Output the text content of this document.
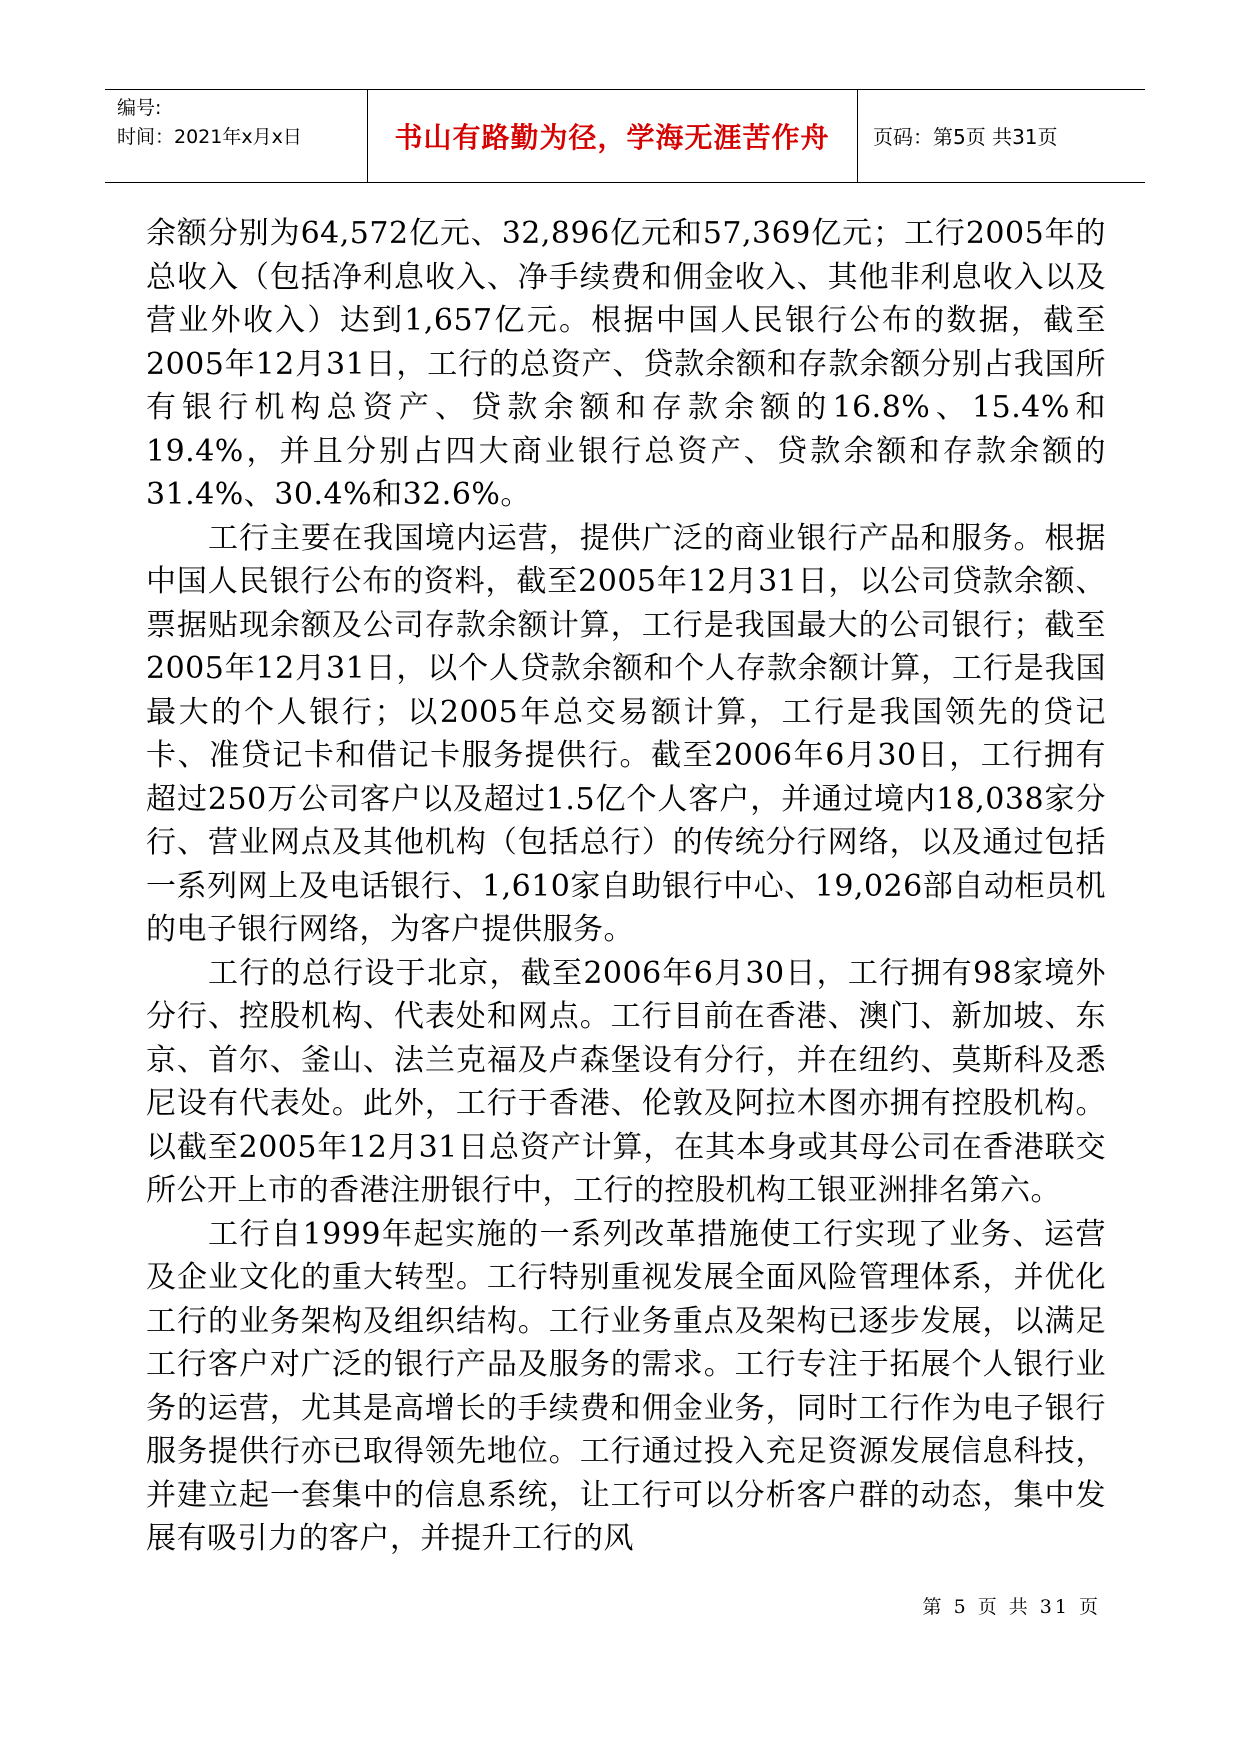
编号:
时间：2021年x月x日	书山有路勤为径，学海无涯苦作舟	页码：第5页 共31页

余额分别为64,572亿元、32,896亿元和57,369亿元；工行2005年的总收入（包括净利息收入、净手续费和佣金收入、其他非利息收入以及营业外收入）达到1,657亿元。根据中国人民银行公布的数据，截至2005年12月31日，工行的总资产、贷款余额和存款余额分别占我国所有银行机构总资产、贷款余额和存款余额的16.8%、15.4%和19.4%，并且分别占四大商业银行总资产、贷款余额和存款余额的31.4%、30.4%和32.6%。

工行主要在我国境内运营，提供广泛的商业银行产品和服务。根据中国人民银行公布的资料，截至2005年12月31日，以公司贷款余额、票据贴现余额及公司存款余额计算，工行是我国最大的公司银行；截至2005年12月31日，以个人贷款余额和个人存款余额计算，工行是我国最大的个人银行；以2005年总交易额计算，工行是我国领先的贷记卡、准贷记卡和借记卡服务提供行。截至2006年6月30日，工行拥有超过250万公司客户以及超过1.5亿个人客户，并通过境内18,038家分行、营业网点及其他机构（包括总行）的传统分行网络，以及通过包括一系列网上及电话银行、1,610家自助银行中心、19,026部自动柜员机的电子银行网络，为客户提供服务。

工行的总行设于北京，截至2006年6月30日，工行拥有98家境外分行、控股机构、代表处和网点。工行目前在香港、澳门、新加坡、东京、首尔、釜山、法兰克福及卢森堡设有分行，并在纽约、莫斯科及悉尼设有代表处。此外，工行于香港、伦敦及阿拉木图亦拥有控股机构。以截至2005年12月31日总资产计算，在其本身或其母公司在香港联交所公开上市的香港注册银行中，工行的控股机构工银亚洲排名第六。

工行自1999年起实施的一系列改革措施使工行实现了业务、运营及企业文化的重大转型。工行特别重视发展全面风险管理体系，并优化工行的业务架构及组织结构。工行业务重点及架构已逐步发展，以满足工行客户对广泛的银行产品及服务的需求。工行专注于拓展个人银行业务的运营，尤其是高增长的手续费和佣金业务，同时工行作为电子银行服务提供行亦已取得领先地位。工行通过投入充足资源发展信息科技，并建立起一套集中的信息系统，让工行可以分析客户群的动态，集中发展有吸引力的客户，并提升工行的风

第 5 页 共 31 页
